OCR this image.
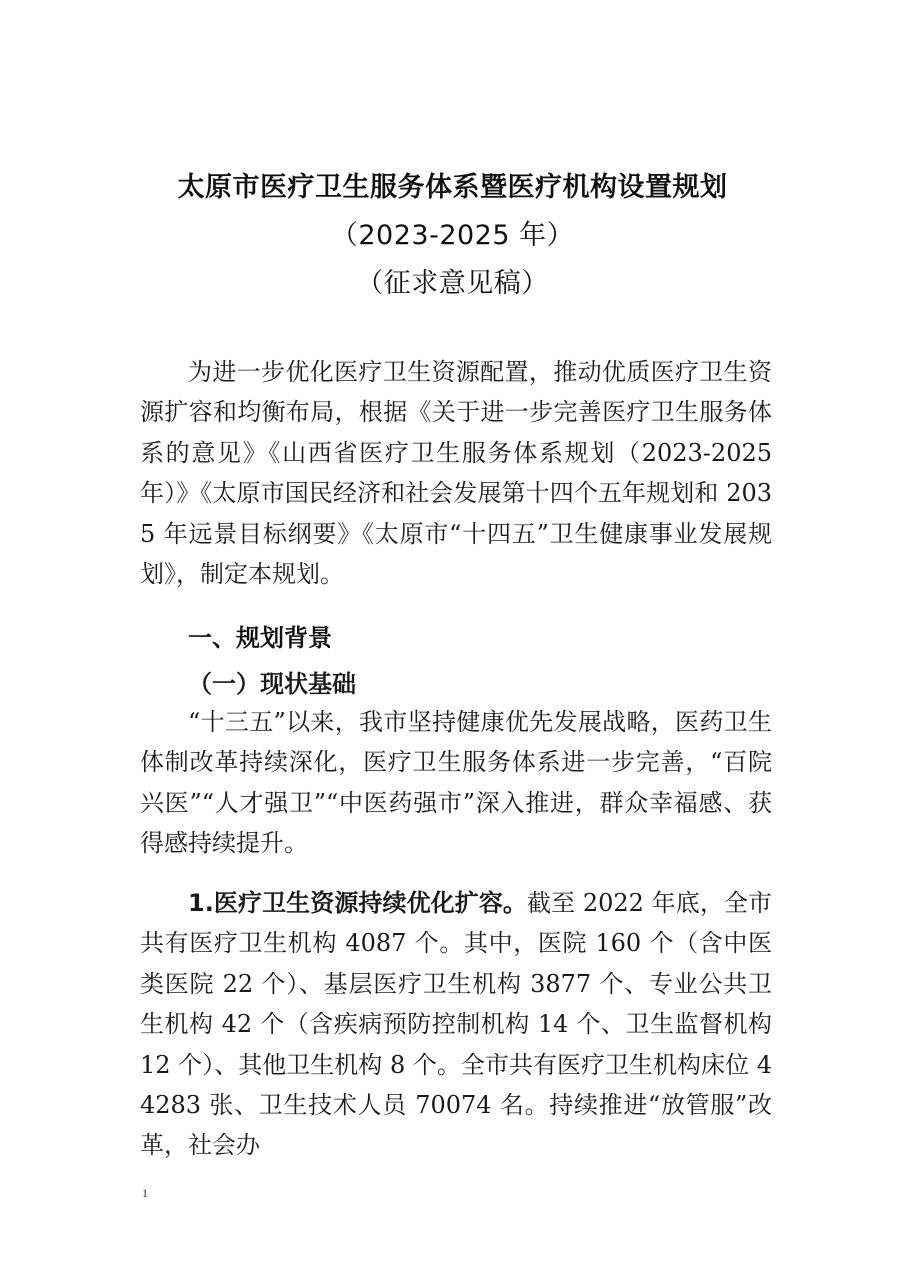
太原市医疗卫生服务体系暨医疗机构设置规划
（2023-2025 年）
（征求意见稿）

为进一步优化医疗卫生资源配置，推动优质医疗卫生资源扩容和均衡布局，根据《关于进一步完善医疗卫生服务体系的意见》《山西省医疗卫生服务体系规划（2023-2025 年）》《太原市国民经济和社会发展第十四个五年规划和 2035 年远景目标纲要》《太原市“十四五”卫生健康事业发展规划》，制定本规划。

一、规划背景
（一）现状基础

“十三五”以来，我市坚持健康优先发展战略，医药卫生体制改革持续深化，医疗卫生服务体系进一步完善，“百院兴医”“人才强卫”“中医药强市”深入推进，群众幸福感、获得感持续提升。

1.医疗卫生资源持续优化扩容。截至 2022 年底，全市共有医疗卫生机构 4087 个。其中，医院 160 个（含中医类医院 22 个）、基层医疗卫生机构 3877 个、专业公共卫生机构 42 个（含疾病预防控制机构 14 个、卫生监督机构 12 个）、其他卫生机构 8 个。全市共有医疗卫生机构床位 44283 张、卫生技术人员 70074 名。持续推进“放管服”改革，社会办

1
